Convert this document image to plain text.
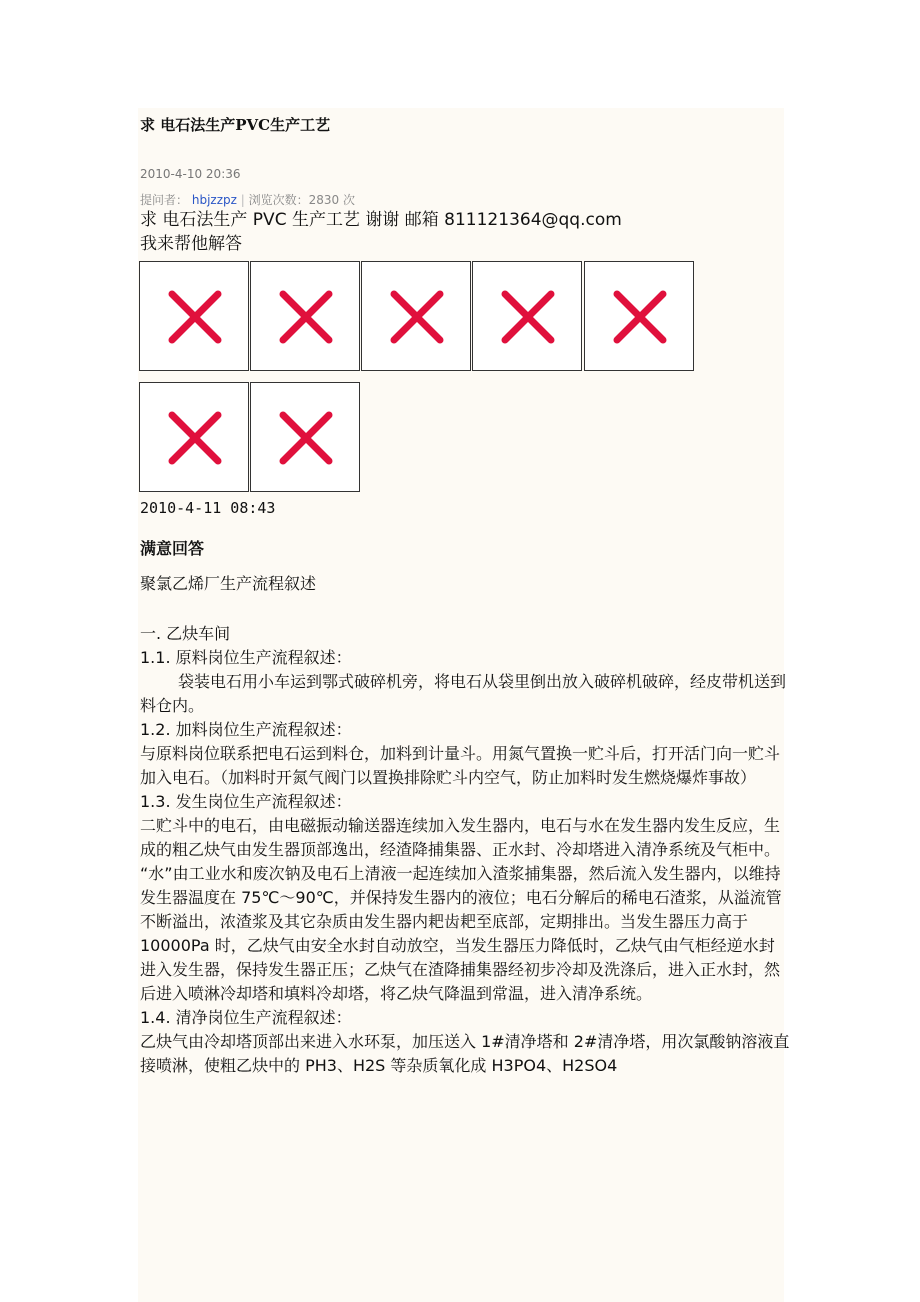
求 电石法生产PVC生产工艺
2010-4-10 20:36
提问者： hbjzzpz | 浏览次数：2830 次
求 电石法生产 PVC 生产工艺 谢谢 邮箱 811121364@qq.com
我来帮他解答
2010-4-11 08:43
满意回答

聚氯乙烯厂生产流程叙述

一. 乙炔车间

1.1. 原料岗位生产流程叙述：

袋装电石用小车运到鄂式破碎机旁，将电石从袋里倒出放入破碎机破碎，经皮带机送到料仓内。

1.2. 加料岗位生产流程叙述：

与原料岗位联系把电石运到料仓，加料到计量斗。用氮气置换一贮斗后，打开活门向一贮斗加入电石。（加料时开氮气阀门以置换排除贮斗内空气，防止加料时发生燃烧爆炸事故）

1.3. 发生岗位生产流程叙述：

二贮斗中的电石，由电磁振动输送器连续加入发生器内，电石与水在发生器内发生反应，生成的粗乙炔气由发生器顶部逸出，经渣降捕集器、正水封、冷却塔进入清净系统及气柜中。

“水”由工业水和废次钠及电石上清液一起连续加入渣浆捕集器，然后流入发生器内，以维持发生器温度在 75℃～90℃，并保持发生器内的液位；电石分解后的稀电石渣浆，从溢流管不断溢出，浓渣浆及其它杂质由发生器内耙齿耙至底部，定期排出。当发生器压力高于 10000Pa 时，乙炔气由安全水封自动放空，当发生器压力降低时，乙炔气由气柜经逆水封进入发生器，保持发生器正压；乙炔气在渣降捕集器经初步冷却及洗涤后，进入正水封，然后进入喷淋冷却塔和填料冷却塔，将乙炔气降温到常温，进入清净系统。

1.4. 清净岗位生产流程叙述：

乙炔气由冷却塔顶部出来进入水环泵，加压送入 1#清净塔和 2#清净塔，用次氯酸钠溶液直接喷淋，使粗乙炔中的 PH3、H2S 等杂质氧化成 H3PO4、H2SO4
